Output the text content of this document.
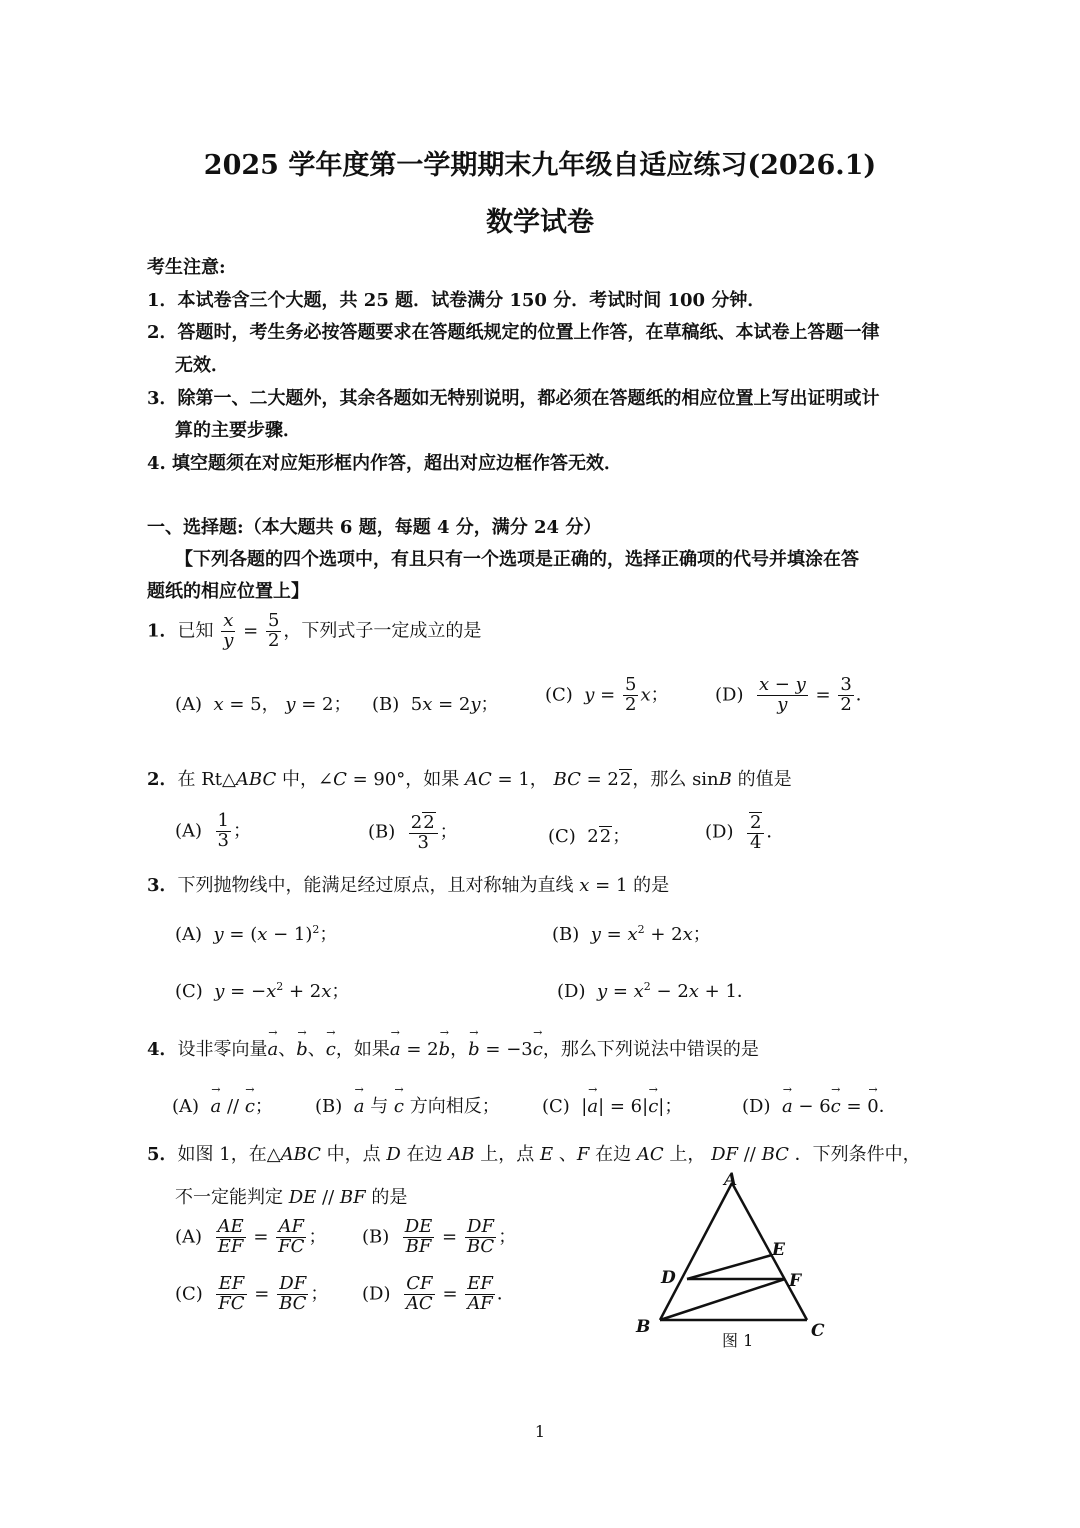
2025 学年度第一学期期末九年级自适应练习(2026.1)
数学试卷
考生注意:
1．本试卷含三个大题，共 25 题．试卷满分 150 分．考试时间 100 分钟．
2．答题时，考生务必按答题要求在答题纸规定的位置上作答，在草稿纸、本试卷上答题一律
无效．
3．除第一、二大题外，其余各题如无特别说明，都必须在答题纸的相应位置上写出证明或计
算的主要步骤．
4. 填空题须在对应矩形框内作答，超出对应边框作答无效．
一、选择题:（本大题共 6 题，每题 4 分，满分 24 分）
【下列各题的四个选项中，有且只有一个选项是正确的，选择正确项的代号并填涂在答
题纸的相应位置上】
1．已知 $\frac{x}{y} = \frac{5}{2}$ ，下列式子一定成立的是
(A) x = 5， y = 2； (B)  5x = 2y；	(C) $y = \frac{5}{2}$ x；	$(D) \frac{x - y}{y} = \frac{3}{2}$ ．
2．在 Rt△ABC 中，∠C = 90°，如果 AC = 1， BC = 22，那么 sinB 的值是
$(A) \frac{1}{3}$ ；	$(B) \frac{22}{3}$ ；	(C)  22；	$(D) \frac{2}{4}$ ．
3．下列抛物线中，能满足经过原点，且对称轴为直线 x = 1 的是
(A) $y = (x - 1)^2$；	(B) $y = x^2 + 2x$；
(C) $y = -x^2 + 2x$；	(D) $y = x^2 - 2x + 1$．
4．设非零向量→ a、→ b、→ c，如果→ a = 2→ b，→ b = −3→ c，那么下列说法中错误的是
(A) → a // → c； (B) → a 与 → c 方向相反； (C)  |→ a| = 6|→ c|；	(D) → a − 6→ c = → 0．
5．如图 1，在△ABC 中，点 D 在边 AB 上，点 E 、F 在边 AC 上， DF // BC ．下列条件中，
不一定能判定 DE // BF 的是
$(A) \frac{AE}{EF} = \frac{AF}{FC}$ ； $(B) \frac{DE}{BF} = \frac{DF}{BC}$ ；
$(C) \frac{EF}{FC} = \frac{DF}{BC}$ ； $(D) \frac{CF}{AC} = \frac{EF}{AF}$ ．
A
B	C
D
E
F
图 1
1
